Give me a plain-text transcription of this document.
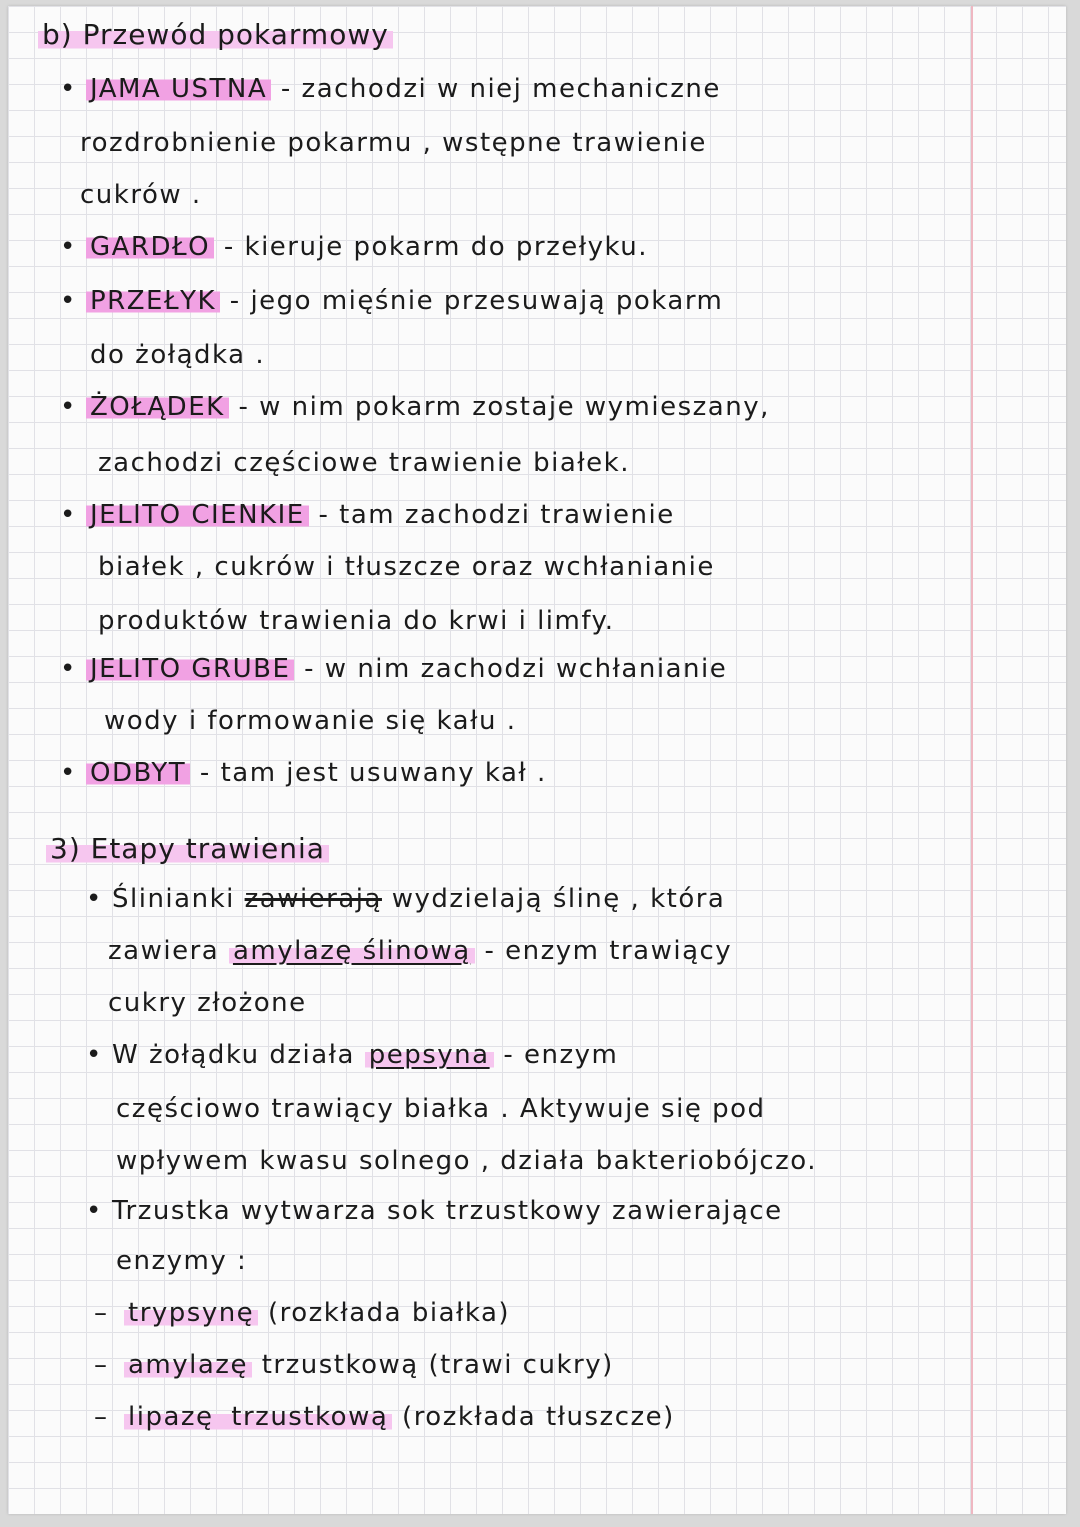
b) Przewód pokarmowy
• JAMA USTNA - zachodzi w niej mechaniczne
rozdrobnienie pokarmu , wstępne trawienie
cukrów .
• GARDŁO - kieruje pokarm do przełyku.
• PRZEŁYK - jego mięśnie przesuwają pokarm
do żołądka .
• ŻOŁĄDEK - w nim pokarm zostaje wymieszany,
zachodzi częściowe trawienie białek.
• JELITO CIENKIE - tam zachodzi trawienie
białek , cukrów i tłuszcze oraz wchłanianie
produktów trawienia do krwi i limfy.
• JELITO GRUBE - w nim zachodzi wchłanianie
wody i formowanie się kału .
• ODBYT - tam jest usuwany kał .
3) Etapy trawienia
• Ślinianki zawierają wydzielają ślinę , która
zawiera amylazę ślinową - enzym trawiący
cukry złożone
• W żołądku działa pepsyna - enzym
częściowo trawiący białka . Aktywuje się pod
wpływem kwasu solnego , działa bakteriobójczo.
• Trzustka wytwarza sok trzustkowy zawierające
enzymy :
– trypsynę (rozkłada białka)
– amylazę trzustkową (trawi cukry)
– lipazę trzustkową (rozkłada tłuszcze)
